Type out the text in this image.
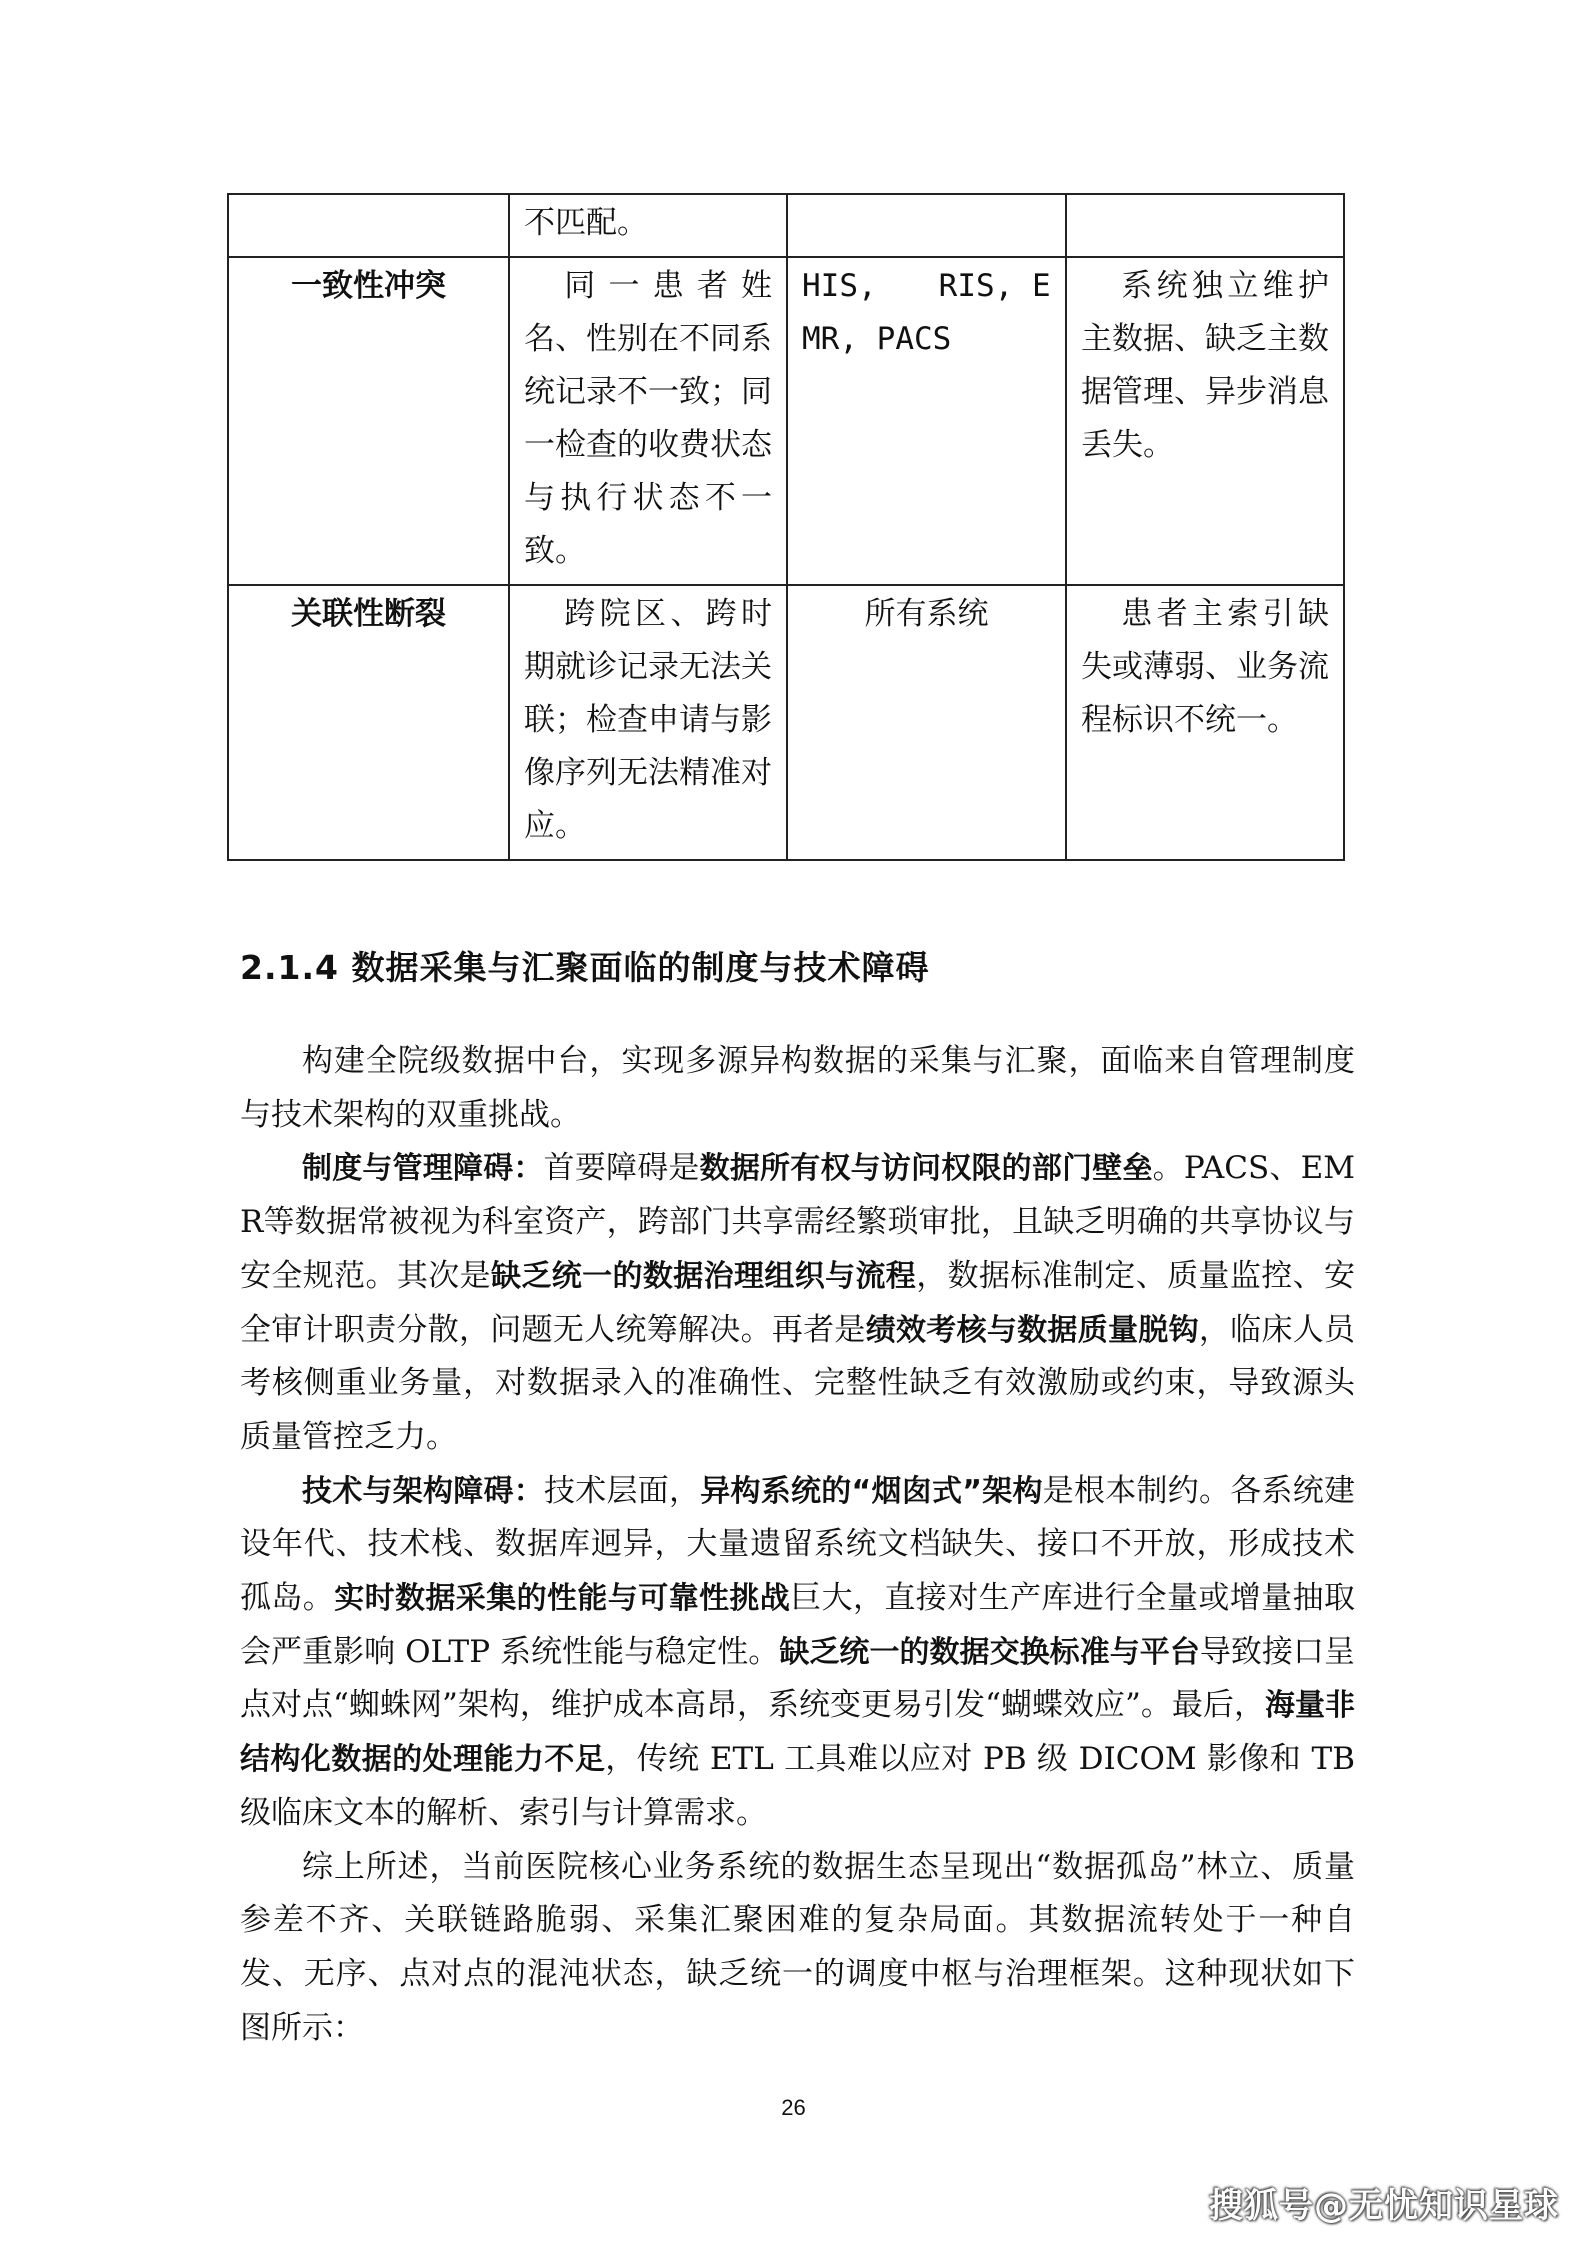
	不匹配。		
一致性冲突	同一患者姓名、性别在不同系统记录不一致；同一检查的收费状态与执行状态不一致。	HIS,　　RIS, EMR, PACS	系统独立维护主数据、缺乏主数据管理、异步消息丢失。
关联性断裂	跨院区、跨时期就诊记录无法关联；检查申请与影像序列无法精准对应。	所有系统	患者主索引缺失或薄弱、业务流程标识不统一。
2.1.4 数据采集与汇聚面临的制度与技术障碍

构建全院级数据中台，实现多源异构数据的采集与汇聚，面临来自管理制度与技术架构的双重挑战。

制度与管理障碍：首要障碍是数据所有权与访问权限的部门壁垒。PACS、EMR等数据常被视为科室资产，跨部门共享需经繁琐审批，且缺乏明确的共享协议与安全规范。其次是缺乏统一的数据治理组织与流程，数据标准制定、质量监控、安全审计职责分散，问题无人统筹解决。再者是绩效考核与数据质量脱钩，临床人员考核侧重业务量，对数据录入的准确性、完整性缺乏有效激励或约束，导致源头质量管控乏力。

技术与架构障碍：技术层面，异构系统的“烟囱式”架构是根本制约。各系统建设年代、技术栈、数据库迥异，大量遗留系统文档缺失、接口不开放，形成技术孤岛。实时数据采集的性能与可靠性挑战巨大，直接对生产库进行全量或增量抽取会严重影响 OLTP 系统性能与稳定性。缺乏统一的数据交换标准与平台导致接口呈点对点“蜘蛛网”架构，维护成本高昂，系统变更易引发“蝴蝶效应”。最后，海量非结构化数据的处理能力不足，传统 ETL 工具难以应对 PB 级 DICOM 影像和 TB 级临床文本的解析、索引与计算需求。

综上所述，当前医院核心业务系统的数据生态呈现出“数据孤岛”林立、质量参差不齐、关联链路脆弱、采集汇聚困难的复杂局面。其数据流转处于一种自发、无序、点对点的混沌状态，缺乏统一的调度中枢与治理框架。这种现状如下图所示：

26
搜狐号@无忧知识星球
